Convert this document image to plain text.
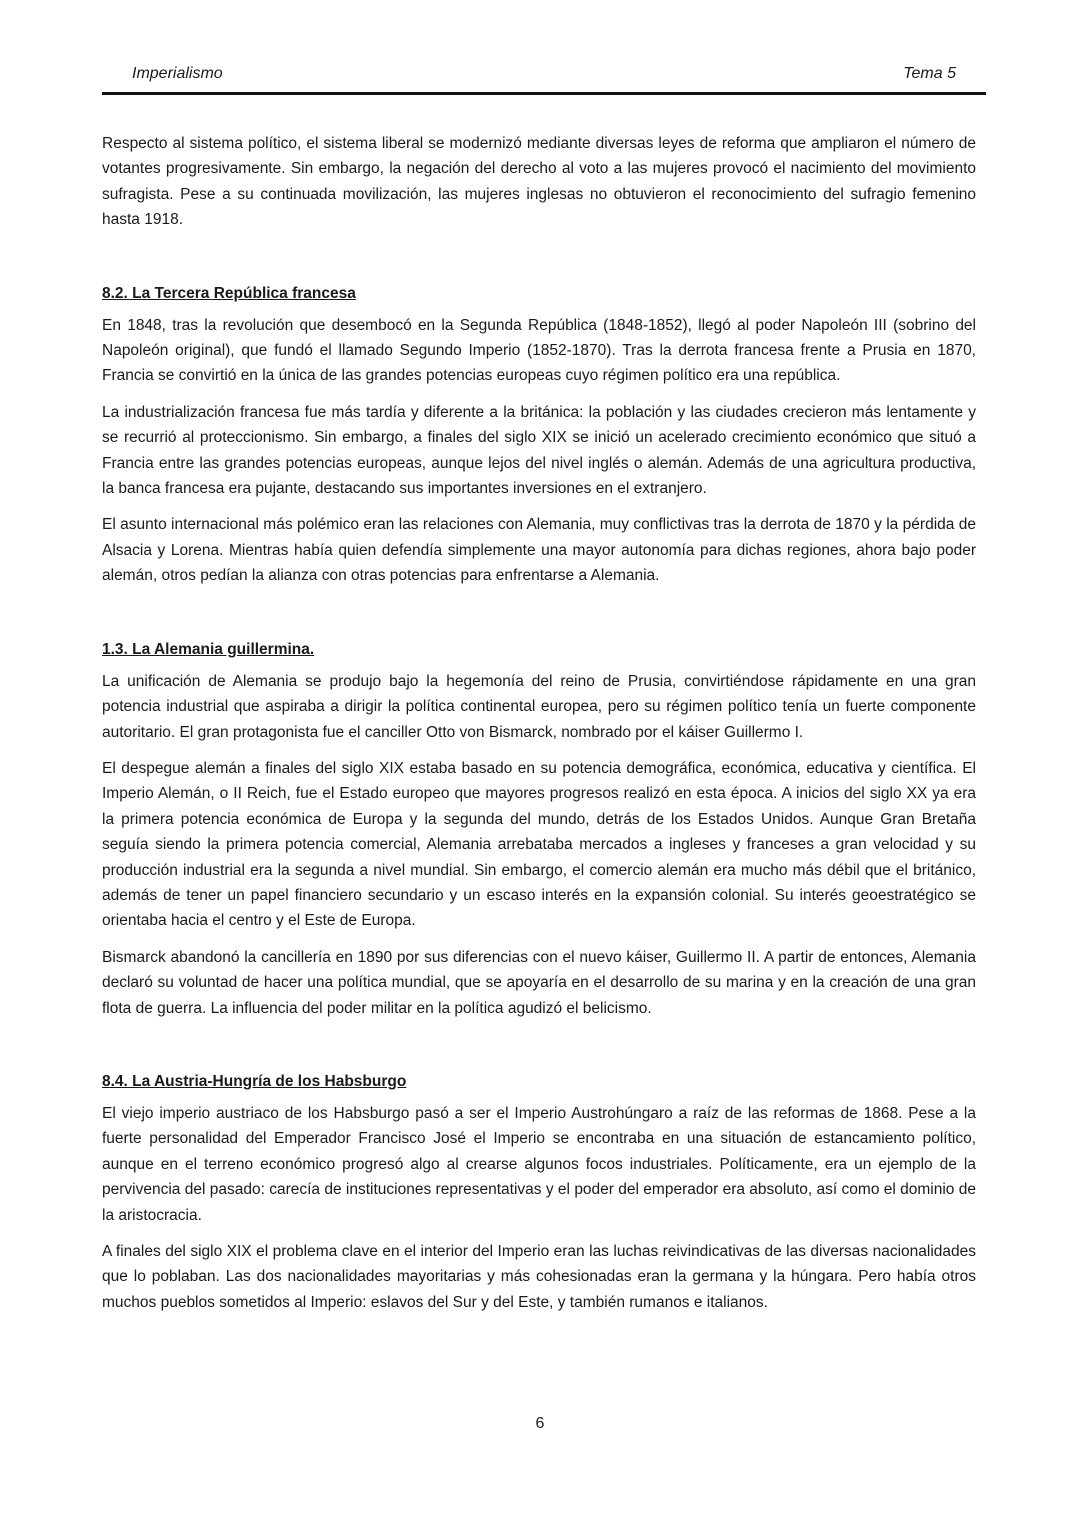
Imperialismo	Tema 5

Respecto al sistema político, el sistema liberal se modernizó mediante diversas leyes de reforma que ampliaron el número de votantes progresivamente. Sin embargo, la negación del derecho al voto a las mujeres provocó el nacimiento del movimiento sufragista. Pese a su continuada movilización, las mujeres inglesas no obtuvieron el reconocimiento del sufragio femenino hasta 1918.

8.2. La Tercera República francesa

En 1848, tras la revolución que desembocó en la Segunda República (1848-1852), llegó al poder Napoleón III (sobrino del Napoleón original), que fundó el llamado Segundo Imperio (1852-1870). Tras la derrota francesa frente a Prusia en 1870, Francia se convirtió en la única de las grandes potencias europeas cuyo régimen político era una república.

La industrialización francesa fue más tardía y diferente a la británica: la población y las ciudades crecieron más lentamente y se recurrió al proteccionismo. Sin embargo, a finales del siglo XIX se inició un acelerado crecimiento económico que situó a Francia entre las grandes potencias europeas, aunque lejos del nivel inglés o alemán. Además de una agricultura productiva, la banca francesa era pujante, destacando sus importantes inversiones en el extranjero.

El asunto internacional más polémico eran las relaciones con Alemania, muy conflictivas tras la derrota de 1870 y la pérdida de Alsacia y Lorena. Mientras había quien defendía simplemente una mayor autonomía para dichas regiones, ahora bajo poder alemán, otros pedían la alianza con otras potencias para enfrentarse a Alemania.

1.3. La Alemania guillermina.

La unificación de Alemania se produjo bajo la hegemonía del reino de Prusia, convirtiéndose rápidamente en una gran potencia industrial que aspiraba a dirigir la política continental europea, pero su régimen político tenía un fuerte componente autoritario. El gran protagonista fue el canciller Otto von Bismarck, nombrado por el káiser Guillermo I.

El despegue alemán a finales del siglo XIX estaba basado en su potencia demográfica, económica, educativa y científica. El Imperio Alemán, o II Reich, fue el Estado europeo que mayores progresos realizó en esta época. A inicios del siglo XX ya era la primera potencia económica de Europa y la segunda del mundo, detrás de los Estados Unidos. Aunque Gran Bretaña seguía siendo la primera potencia comercial, Alemania arrebataba mercados a ingleses y franceses a gran velocidad y su producción industrial era la segunda a nivel mundial. Sin embargo, el comercio alemán era mucho más débil que el británico, además de tener un papel financiero secundario y un escaso interés en la expansión colonial. Su interés geoestratégico se orientaba hacia el centro y el Este de Europa.

Bismarck abandonó la cancillería en 1890 por sus diferencias con el nuevo káiser, Guillermo II. A partir de entonces, Alemania declaró su voluntad de hacer una política mundial, que se apoyaría en el desarrollo de su marina y en la creación de una gran flota de guerra. La influencia del poder militar en la política agudizó el belicismo.

8.4. La Austria-Hungría de los Habsburgo

El viejo imperio austriaco de los Habsburgo pasó a ser el Imperio Austrohúngaro a raíz de las reformas de 1868. Pese a la fuerte personalidad del Emperador Francisco José el Imperio se encontraba en una situación de estancamiento político, aunque en el terreno económico progresó algo al crearse algunos focos industriales. Políticamente, era un ejemplo de la pervivencia del pasado: carecía de instituciones representativas y el poder del emperador era absoluto, así como el dominio de la aristocracia.

A finales del siglo XIX el problema clave en el interior del Imperio eran las luchas reivindicativas de las diversas nacionalidades que lo poblaban. Las dos nacionalidades mayoritarias y más cohesionadas eran la germana y la húngara. Pero había otros muchos pueblos sometidos al Imperio: eslavos del Sur y del Este, y también rumanos e italianos.

6
